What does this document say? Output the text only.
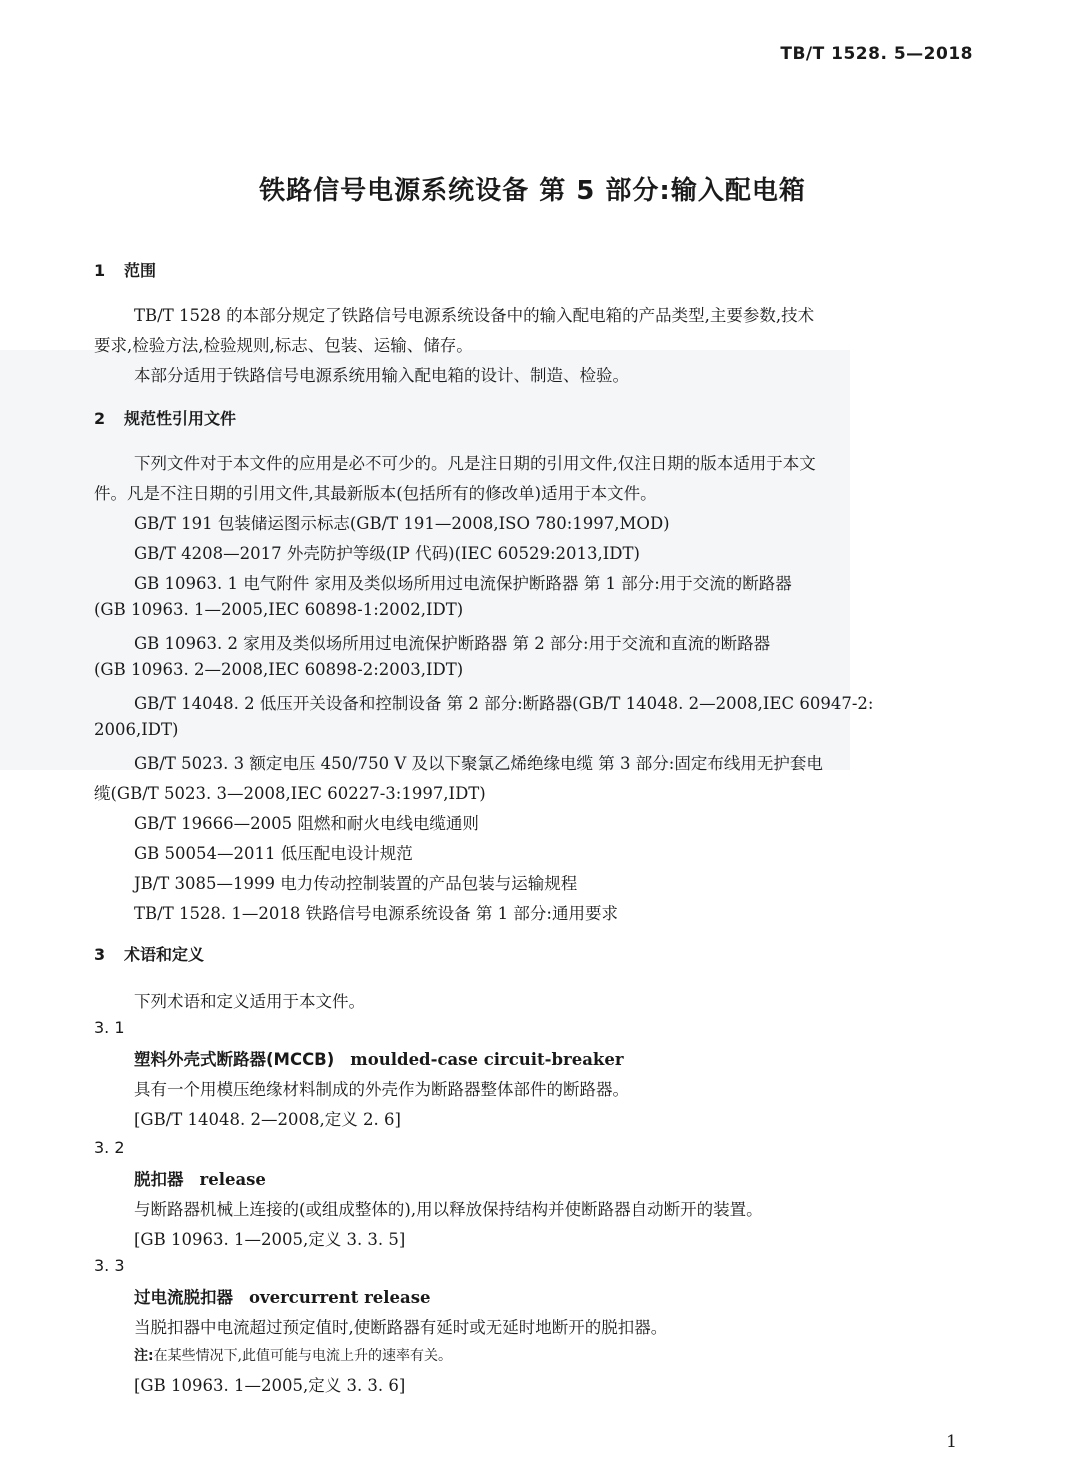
TB/T 1528. 5—2018
铁路信号电源系统设备 第 5 部分:输入配电箱
1 范围
TB/T 1528 的本部分规定了铁路信号电源系统设备中的输入配电箱的产品类型,主要参数,技术
要求,检验方法,检验规则,标志、包装、运输、储存。
本部分适用于铁路信号电源系统用输入配电箱的设计、制造、检验。
2 规范性引用文件
下列文件对于本文件的应用是必不可少的。凡是注日期的引用文件,仅注日期的版本适用于本文
件。凡是不注日期的引用文件,其最新版本(包括所有的修改单)适用于本文件。
GB/T 191 包装储运图示标志(GB/T 191—2008,ISO 780:1997,MOD)
GB/T 4208—2017 外壳防护等级(IP 代码)(IEC 60529:2013,IDT)
GB 10963. 1 电气附件 家用及类似场所用过电流保护断路器 第 1 部分:用于交流的断路器
(GB 10963. 1—2005,IEC 60898-1:2002,IDT)
GB 10963. 2 家用及类似场所用过电流保护断路器 第 2 部分:用于交流和直流的断路器
(GB 10963. 2—2008,IEC 60898-2:2003,IDT)
GB/T 14048. 2 低压开关设备和控制设备 第 2 部分:断路器(GB/T 14048. 2—2008,IEC 60947-2:
2006,IDT)
GB/T 5023. 3 额定电压 450/750 V 及以下聚氯乙烯绝缘电缆 第 3 部分:固定布线用无护套电
缆(GB/T 5023. 3—2008,IEC 60227-3:1997,IDT)
GB/T 19666—2005 阻燃和耐火电线电缆通则
GB 50054—2011 低压配电设计规范
JB/T 3085—1999 电力传动控制装置的产品包装与运输规程
TB/T 1528. 1—2018 铁路信号电源系统设备 第 1 部分:通用要求
3 术语和定义
下列术语和定义适用于本文件。
3. 1
塑料外壳式断路器(MCCB) moulded-case circuit-breaker
具有一个用模压绝缘材料制成的外壳作为断路器整体部件的断路器。
[GB/T 14048. 2—2008,定义 2. 6]
3. 2
脱扣器 release
与断路器机械上连接的(或组成整体的),用以释放保持结构并使断路器自动断开的装置。
[GB 10963. 1—2005,定义 3. 3. 5]
3. 3
过电流脱扣器 overcurrent release
当脱扣器中电流超过预定值时,使断路器有延时或无延时地断开的脱扣器。
注:在某些情况下,此值可能与电流上升的速率有关。
[GB 10963. 1—2005,定义 3. 3. 6]
1
